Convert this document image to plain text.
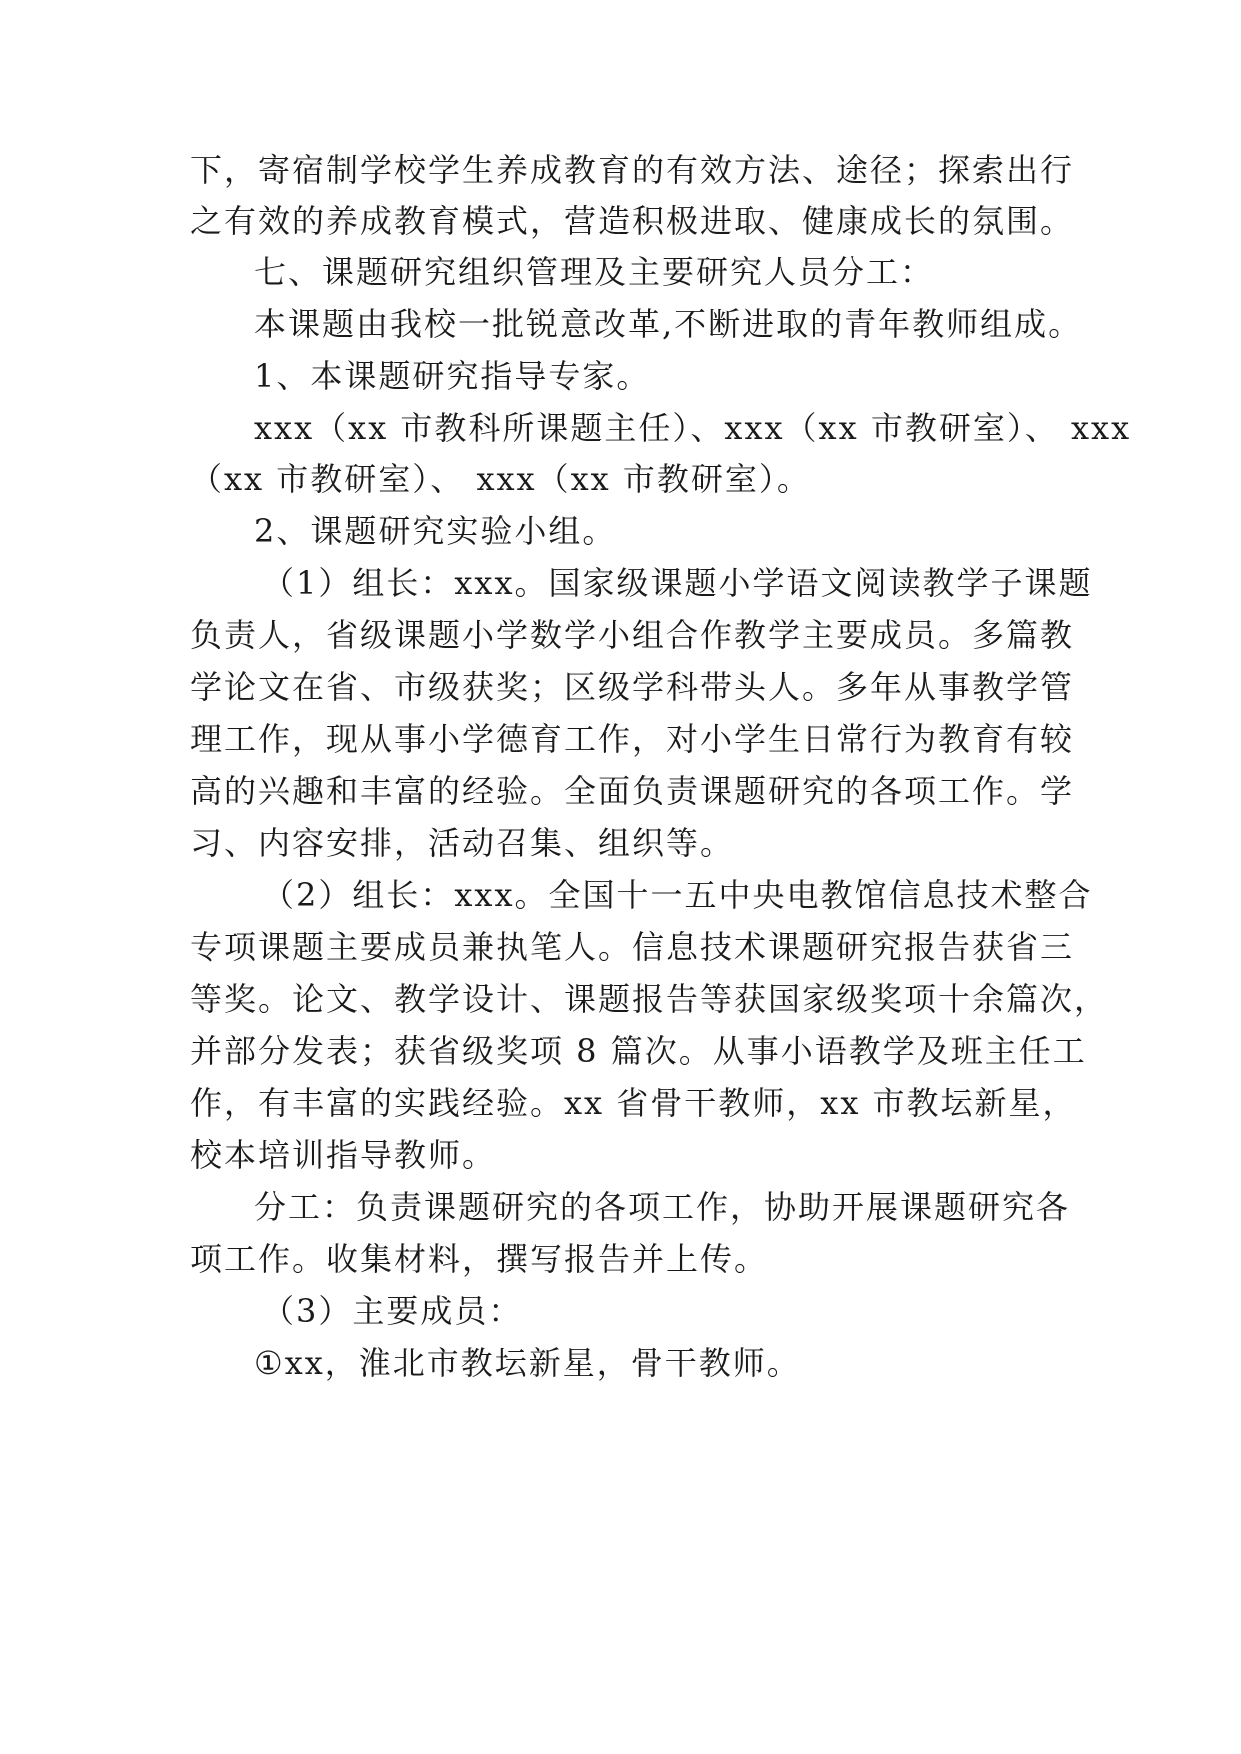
下，寄宿制学校学生养成教育的有效方法、途径；探索出行
之有效的养成教育模式，营造积极进取、健康成长的氛围。
七、课题研究组织管理及主要研究人员分工：
本课题由我校一批锐意改革,不断进取的青年教师组成。
1、本课题研究指导专家。
xxx（xx 市教科所课题主任）、xxx（xx 市教研室）、 xxx
（xx 市教研室）、 xxx（xx 市教研室）。
2、课题研究实验小组。
（1）组长：xxx。国家级课题小学语文阅读教学子课题
负责人，省级课题小学数学小组合作教学主要成员。多篇教
学论文在省、市级获奖；区级学科带头人。多年从事教学管
理工作，现从事小学德育工作，对小学生日常行为教育有较
高的兴趣和丰富的经验。全面负责课题研究的各项工作。学
习、内容安排，活动召集、组织等。
（2）组长：xxx。全国十一五中央电教馆信息技术整合
专项课题主要成员兼执笔人。信息技术课题研究报告获省三
等奖。论文、教学设计、课题报告等获国家级奖项十余篇次，
并部分发表；获省级奖项 8 篇次。从事小语教学及班主任工
作，有丰富的实践经验。xx 省骨干教师，xx 市教坛新星，
校本培训指导教师。
分工：负责课题研究的各项工作，协助开展课题研究各
项工作。收集材料，撰写报告并上传。
（3）主要成员：
①xx，淮北市教坛新星，骨干教师。
